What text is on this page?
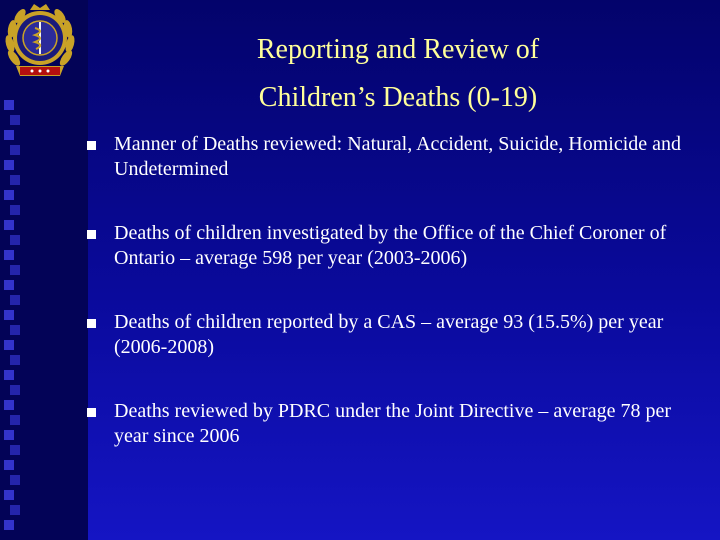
Reporting and Review of
Children’s Deaths (0-19)
Manner of Deaths reviewed: Natural, Accident, Suicide, Homicide and Undetermined
Deaths of children investigated by the Office of the Chief Coroner of Ontario – average 598 per year (2003-2006)
Deaths of children reported by a CAS – average 93 (15.5%) per year (2006-2008)
Deaths reviewed by PDRC under the Joint Directive – average 78 per year since 2006
